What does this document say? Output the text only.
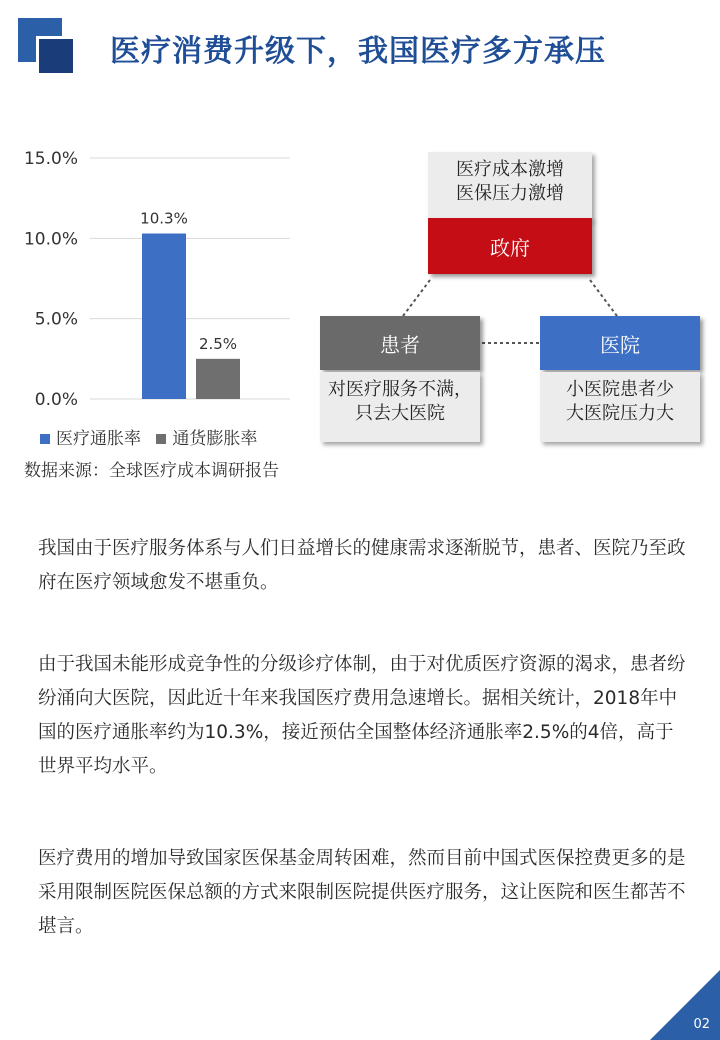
医疗消费升级下，我国医疗多方承压
15.0%
10.0%
5.0%
0.0%
10.3%
2.5%
医疗通胀率 通货膨胀率
数据来源：全球医疗成本调研报告
医疗成本激增
医保压力激增
政府
患者
对医疗服务不满，
只去大医院
医院
小医院患者少
大医院压力大

我国由于医疗服务体系与人们日益增长的健康需求逐渐脱节，患者、医院乃至政府在医疗领域愈发不堪重负。

由于我国未能形成竞争性的分级诊疗体制，由于对优质医疗资源的渴求，患者纷纷涌向大医院，因此近十年来我国医疗费用急速增长。据相关统计，2018年中国的医疗通胀率约为10.3%，接近预估全国整体经济通胀率2.5%的4倍，高于世界平均水平。

医疗费用的增加导致国家医保基金周转困难，然而目前中国式医保控费更多的是采用限制医院医保总额的方式来限制医院提供医疗服务，这让医院和医生都苦不堪言。

02
